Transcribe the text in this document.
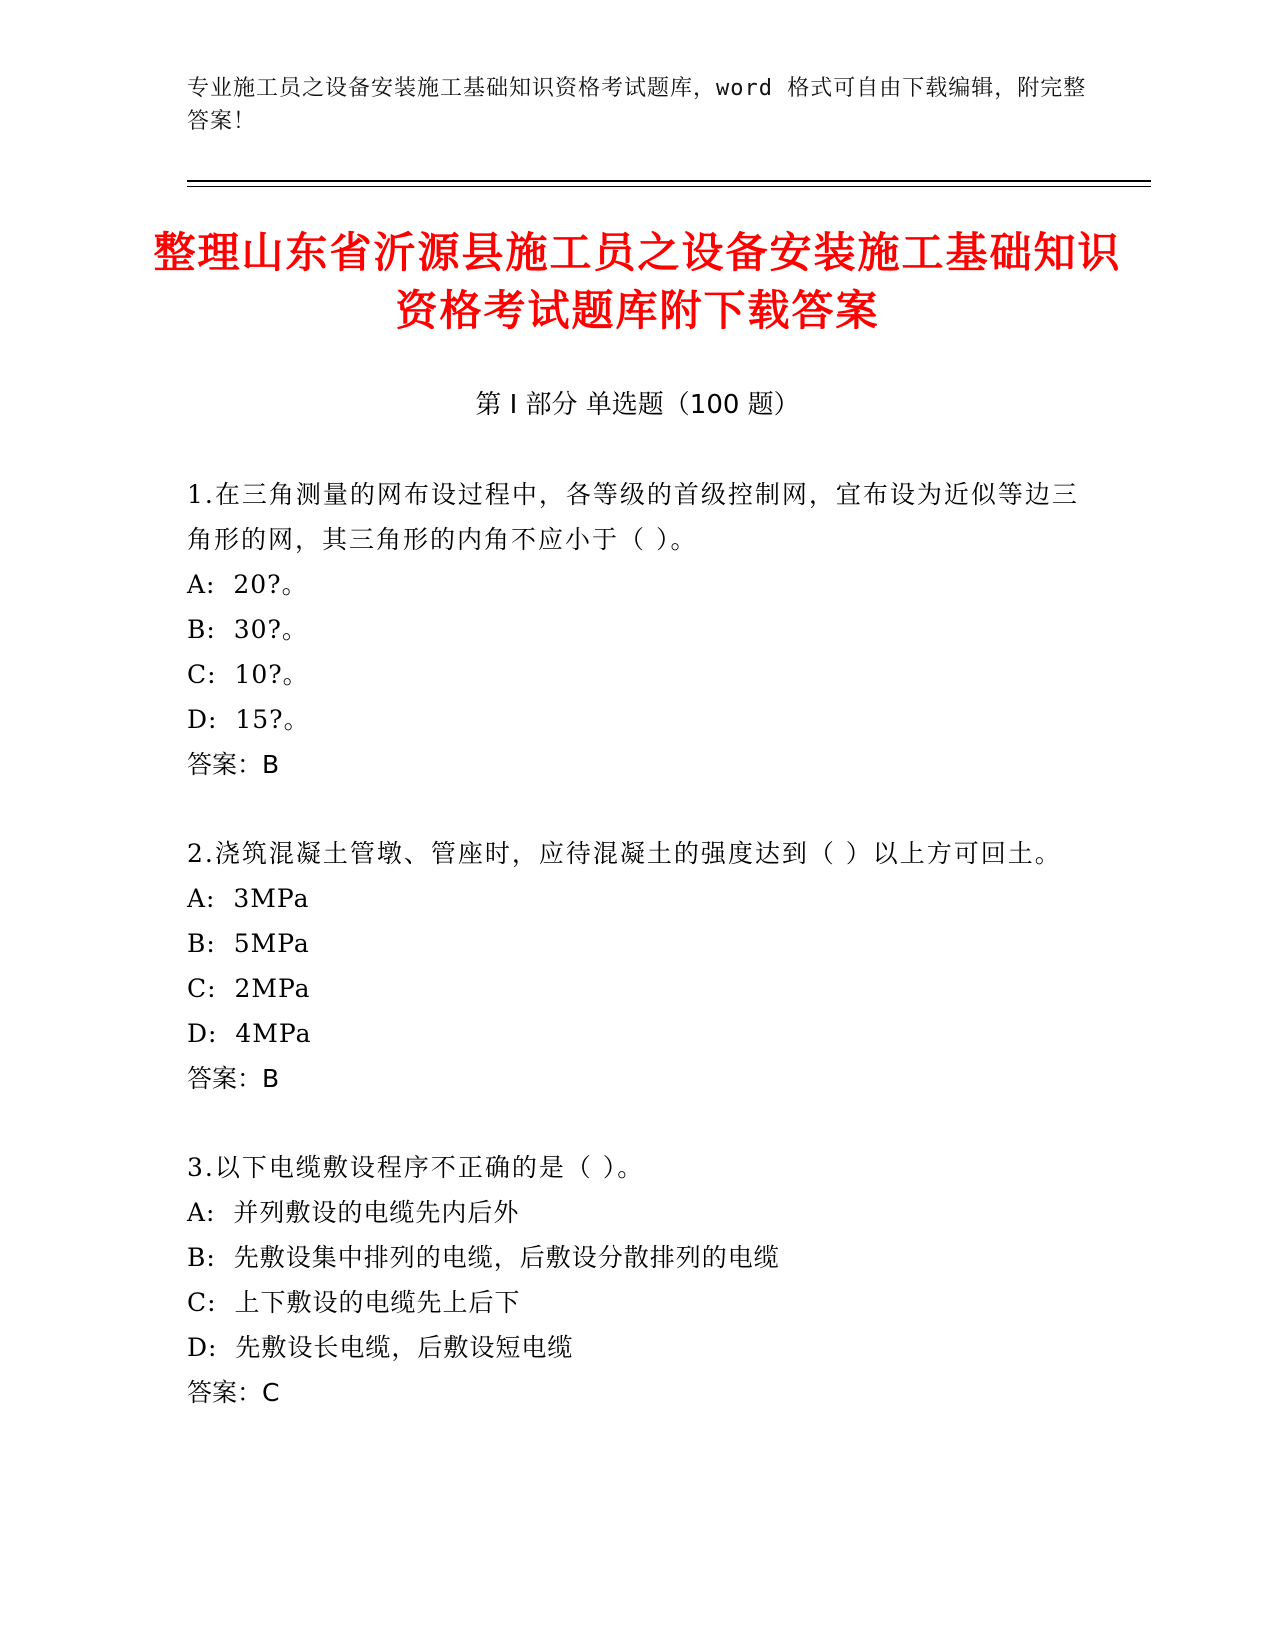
专业施工员之设备安装施工基础知识资格考试题库，word 格式可自由下载编辑，附完整答案！
整理山东省沂源县施工员之设备安装施工基础知识资格考试题库附下载答案
第 I 部分 单选题（100 题）

1.在三角测量的网布设过程中，各等级的首级控制网，宜布设为近似等边三角形的网，其三角形的内角不应小于（ ）。

A:  20?。

B:  30?。

C:  10?。

D:  15?。

答案：B

2.浇筑混凝土管墩、管座时，应待混凝土的强度达到（ ）以上方可回土。

A:  3MPa

B:  5MPa

C:  2MPa

D:  4MPa

答案：B

3.以下电缆敷设程序不正确的是（ ）。

A:  并列敷设的电缆先内后外

B:  先敷设集中排列的电缆，后敷设分散排列的电缆

C:  上下敷设的电缆先上后下

D:  先敷设长电缆，后敷设短电缆

答案：C
